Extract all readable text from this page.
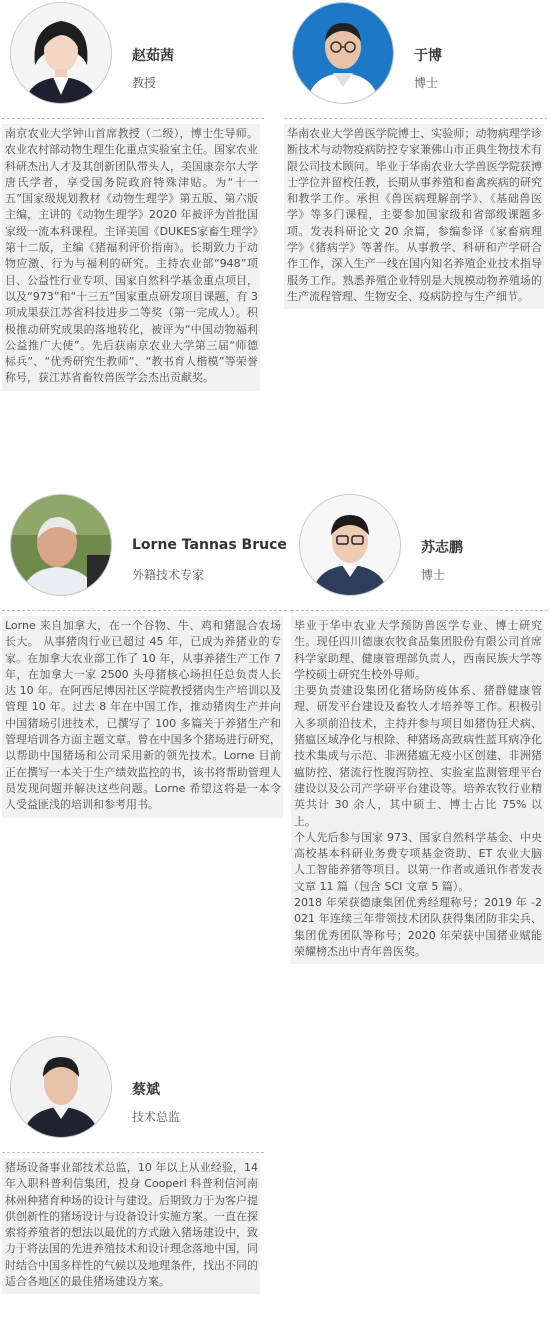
赵茹茜
教授

南京农业大学钟山首席教授（二级），博士生导师。农业农村部动物生理生化重点实验室主任。国家农业科研杰出人才及其创新团队带头人，美国康奈尔大学唐氏学者，享受国务院政府特殊津贴。为“十一五”国家级规划教材《动物生理学》第五版、第六版主编，主讲的《动物生理学》2020 年被评为首批国家级一流本科课程。主译美国《DUKES家畜生理学》第十二版，主编《猪福利评价指南》。长期致力于动物应激、行为与福利的研究。主持农业部“948”项目、公益性行业专项、国家自然科学基金重点项目，以及“973”和“十三五”国家重点研发项目课题，有 3 项成果获江苏省科技进步二等奖（第一完成人）。积极推动研究成果的落地转化，被评为“中国动物福利公益推广大使”。先后获南京农业大学第三届“师德标兵”、“优秀研究生教师”、“教书育人楷模”等荣誉称号，获江苏省畜牧兽医学会杰出贡献奖。

于博
博士

华南农业大学兽医学院博士、实验师；动物病理学诊断技术与动物疫病防控专家兼佛山市正典生物技术有限公司技术顾问。毕业于华南农业大学兽医学院获博士学位并留校任教，长期从事养殖和畜禽疾病的研究和教学工作。承担《兽医病理解剖学》、《基础兽医学》等多门课程，主要参加国家级和省部级课题多项。发表科研论文 20 余篇，参编参译《家畜病理学》《猪病学》等著作。从事教学、科研和产学研合作工作，深入生产一线在国内知名养殖企业技术指导服务工作。熟悉养殖企业特别是大规模动物养殖场的生产流程管理、生物安全、疫病防控与生产细节。

Lorne Tannas Bruce
外籍技术专家

Lorne 来自加拿大，在一个谷物、牛、鸡和猪混合农场长大。 从事猪肉行业已超过 45 年，已成为养猪业的专家。在加拿大农业部工作了 10 年，从事养猪生产工作 7 年，在加拿大一家 2500 头母猪核心场担任总负责人长达 10 年。在阿西尼博因社区学院教授猪肉生产培训以及管理 10 年。过去 8 年在中国工作，推动猪肉生产并向中国猪场引进技术，已撰写了 100 多篇关于养猪生产和管理培训各方面主题文章。曾在中国多个猪场进行研究，以帮助中国猪场和公司采用新的领先技术。Lorne 目前正在撰写一本关于生产绩效监控的书，该书将帮助管理人员发现问题并解决这些问题。Lorne 希望这将是一本令人受益匪浅的培训和参考用书。

苏志鹏
博士

毕业于华中农业大学预防兽医学专业、博士研究生。现任四川德康农牧食品集团股份有限公司首席科学家助理、健康管理部负责人，西南民族大学等学校硕士研究生校外导师。

主要负责建设集团化猪场防疫体系、猪群健康管理、研发平台建设及畜牧人才培养等工作。积极引入多项前沿技术，主持并参与项目如猪伪狂犬病、猪瘟区域净化与根除、种猪场高致病性蓝耳病净化技术集成与示范、非洲猪瘟无疫小区创建、非洲猪瘟防控、猪流行性腹泻防控、实验室监测管理平台建设以及公司产学研平台建设等。培养农牧行业精英共计 30 余人，其中硕士、博士占比 75% 以上。

个人先后参与国家 973、国家自然科学基金、中央高校基本科研业务费专项基金资助、ET 农业大脑人工智能养猪等项目。以第一作者或通讯作者发表文章 11 篇（包含 SCI 文章 5 篇）。

2018 年荣获德康集团优秀经理称号；2019 年 -2021 年连续三年带领技术团队获得集团防非尖兵、集团优秀团队等称号；2020 年荣获中国猪业赋能荣耀榜杰出中青年兽医奖。

蔡斌
技术总监

猪场设备事业部技术总监，10 年以上从业经验，14 年入职科普利信集团，投身 Cooperl 科普利信河南林州种猪育种场的设计与建设。后期致力于为客户提供创新性的猪场设计与设备设计实施方案。一直在探索将养殖者的想法以最优的方式融入猪场建设中，致力于将法国的先进养殖技术和设计理念落地中国，同时结合中国多样性的气候以及地理条件，找出不同的适合各地区的最佳猪场建设方案。
